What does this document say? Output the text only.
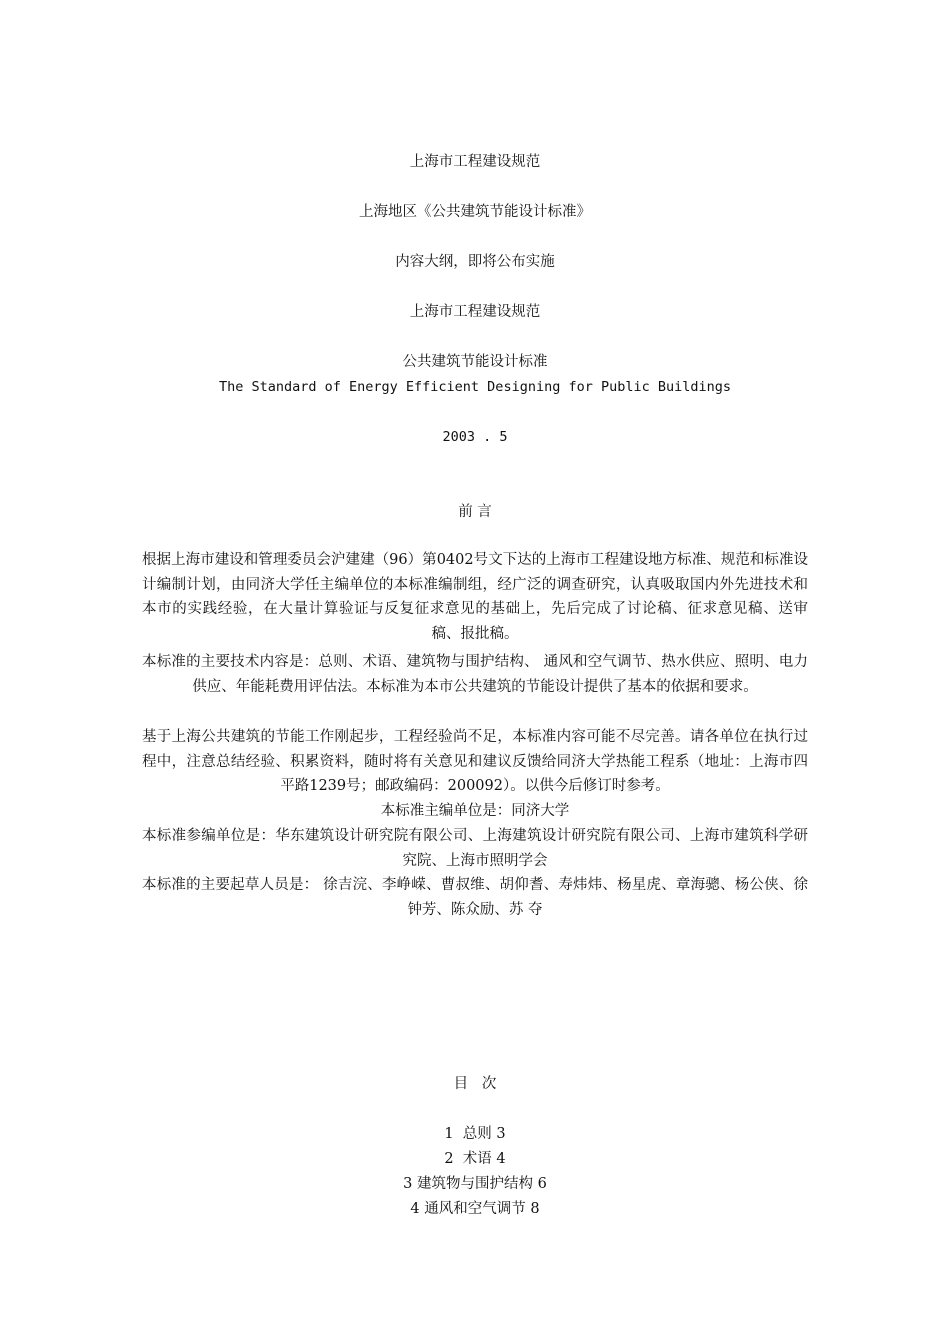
上海市工程建设规范
上海地区《公共建筑节能设计标准》
内容大纲，即将公布实施
上海市工程建设规范
公共建筑节能设计标准
The Standard of Energy Efficient Designing for Public Buildings
2003 . 5
前 言
根据上海市建设和管理委员会沪建建（96）第0402号文下达的上海市工程建设地方标准、规范和标准设计编制计划，由同济大学任主编单位的本标准编制组，经广泛的调查研究，认真吸取国内外先进技术和本市的实践经验，在大量计算验证与反复征求意见的基础上，先后完成了讨论稿、征求意见稿、送审稿、报批稿。
本标准的主要技术内容是：总则、术语、建筑物与围护结构、 通风和空气调节、热水供应、照明、电力供应、年能耗费用评估法。本标准为本市公共建筑的节能设计提供了基本的依据和要求。
基于上海公共建筑的节能工作刚起步，工程经验尚不足，本标准内容可能不尽完善。请各单位在执行过程中，注意总结经验、积累资料，随时将有关意见和建议反馈给同济大学热能工程系（地址：上海市四平路1239号；邮政编码：200092）。以供今后修订时参考。
本标准主编单位是：同济大学
本标准参编单位是：华东建筑设计研究院有限公司、上海建筑设计研究院有限公司、上海市建筑科学研究院、上海市照明学会
本标准的主要起草人员是： 徐吉浣、李峥嵘、曹叔维、胡仰耆、寿炜炜、杨星虎、章海骢、杨公侠、徐钟芳、陈众励、苏 夺
目   次
1  总则 3
2  术语 4
3 建筑物与围护结构 6
4 通风和空气调节 8
